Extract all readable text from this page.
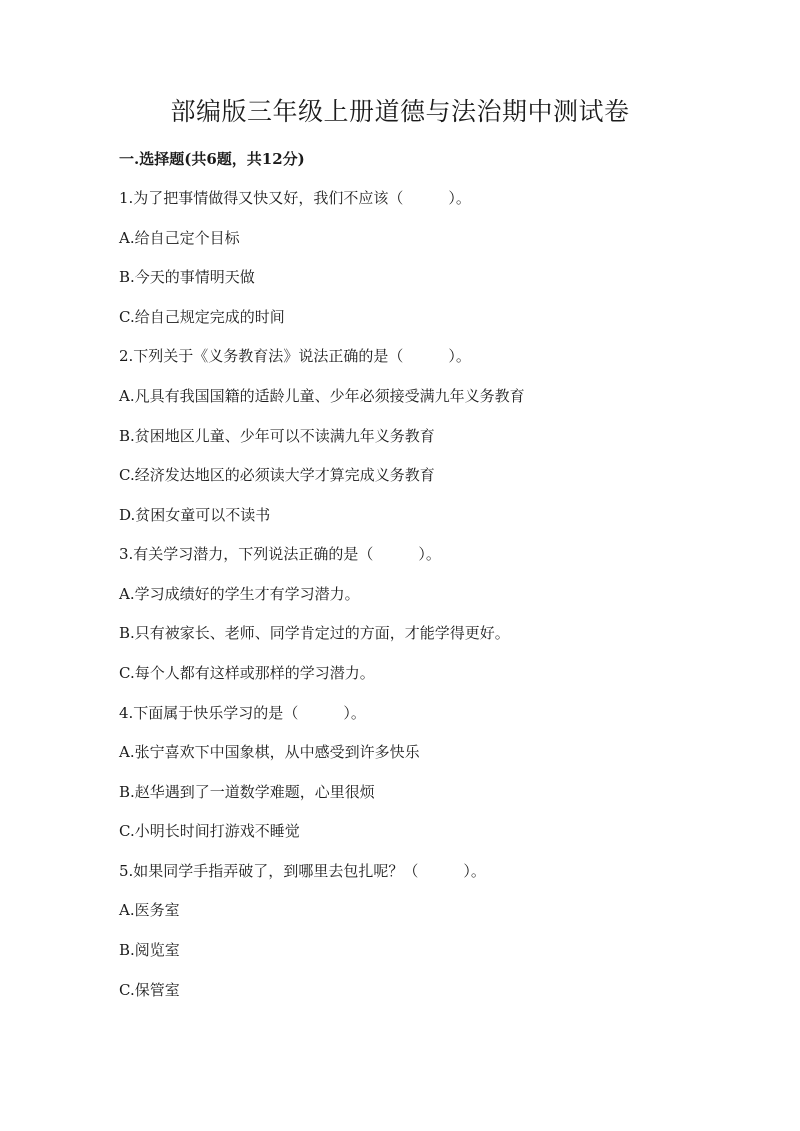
部编版三年级上册道德与法治期中测试卷
一.选择题(共6题，共12分)
1.为了把事情做得又快又好，我们不应该（　　　）。
A.给自己定个目标
B.今天的事情明天做
C.给自己规定完成的时间
2.下列关于《义务教育法》说法正确的是（　　　）。
A.凡具有我国国籍的适龄儿童、少年必须接受满九年义务教育
B.贫困地区儿童、少年可以不读满九年义务教育
C.经济发达地区的必须读大学才算完成义务教育
D.贫困女童可以不读书
3.有关学习潜力，下列说法正确的是（　　　）。
A.学习成绩好的学生才有学习潜力。
B.只有被家长、老师、同学肯定过的方面，才能学得更好。
C.每个人都有这样或那样的学习潜力。
4.下面属于快乐学习的是（　　　）。
A.张宁喜欢下中国象棋，从中感受到许多快乐
B.赵华遇到了一道数学难题，心里很烦
C.小明长时间打游戏不睡觉
5.如果同学手指弄破了，到哪里去包扎呢？（　　　）。
A.医务室
B.阅览室
C.保管室
